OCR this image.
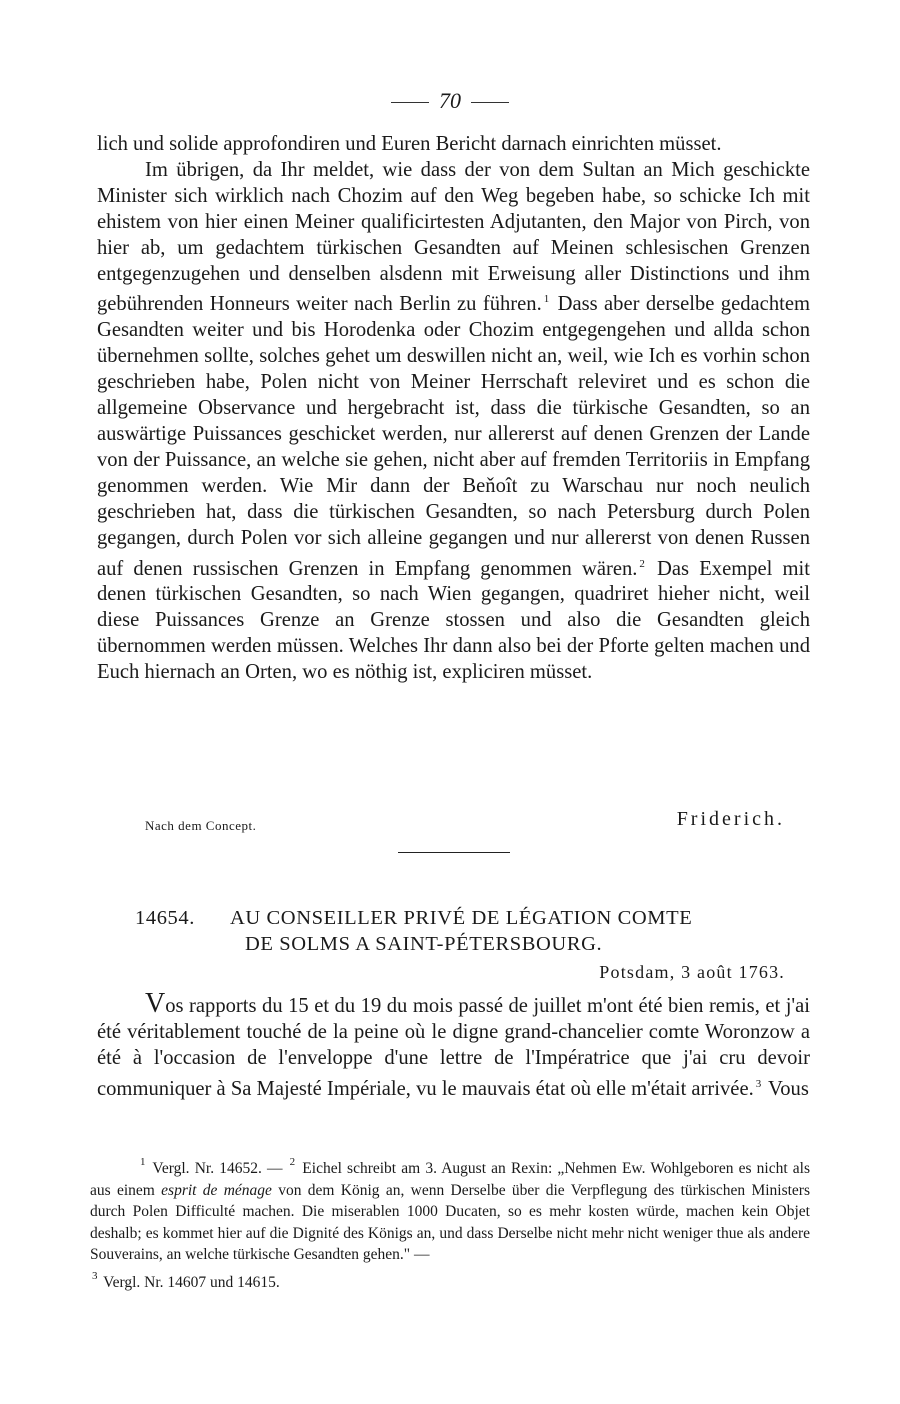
70

lich und solide approfondiren und Euren Bericht darnach einrichten müsset.

Im übrigen, da Ihr meldet, wie dass der von dem Sultan an Mich geschickte Minister sich wirklich nach Chozim auf den Weg begeben habe, so schicke Ich mit ehistem von hier einen Meiner qualificirtesten Adjutanten, den Major von Pirch, von hier ab, um gedachtem türkischen Gesandten auf Meinen schlesischen Grenzen entgegenzugehen und denselben alsdenn mit Erweisung aller Distinctions und ihm gebührenden Honneurs weiter nach Berlin zu führen. $^1$ Dass aber derselbe gedachtem Gesandten weiter und bis Horodenka oder Chozim entgegengehen und allda schon übernehmen sollte, solches gehet um deswillen nicht an, weil, wie Ich es vorhin schon geschrieben habe, Polen nicht von Meiner Herrschaft releviret und es schon die allgemeine Observance und hergebracht ist, dass die türkische Gesandten, so an auswärtige Puissances geschicket werden, nur allererst auf denen Grenzen der Lande von der Puissance, an welche sie gehen, nicht aber auf fremden Territoriis in Empfang genommen werden. Wie Mir dann der Beňoît zu Warschau nur noch neulich geschrieben hat, dass die türkischen Gesandten, so nach Petersburg durch Polen gegangen, durch Polen vor sich alleine gegangen und nur allererst von denen Russen auf denen russischen Grenzen in Empfang genommen wären. $^2$ Das Exempel mit denen türkischen Gesandten, so nach Wien gegangen, quadriret hieher nicht, weil diese Puissances Grenze an Grenze stossen und also die Gesandten gleich übernommen werden müssen. Welches Ihr dann also bei der Pforte gelten machen und Euch hiernach an Orten, wo es nöthig ist, expliciren müsset.

Nach dem Concept.	Friderich.
14654. AU CONSEILLER PRIVÉ DE LÉGATION COMTE
DE SOLMS A SAINT-PÉTERSBOURG.
Potsdam, 3 août 1763.

Vos rapports du 15 et du 19 du mois passé de juillet m'ont été bien remis, et j'ai été véritablement touché de la peine où le digne grand-chancelier comte Woronzow a été à l'occasion de l'enveloppe d'une lettre de l'Impératrice que j'ai cru devoir communiquer à Sa Majesté Impériale, vu le mauvais état où elle m'était arrivée. $^3$ Vous

$^1$ Vergl. Nr. 14652. — $^2$ Eichel schreibt am 3. August an Rexin: „Nehmen Ew. Wohlgeboren es nicht als aus einem esprit de ménage von dem König an, wenn Derselbe über die Verpflegung des türkischen Ministers durch Polen Difficulté machen. Die miserablen 1000 Ducaten, so es mehr kosten würde, machen kein Objet deshalb; es kommet hier auf die Dignité des Königs an, und dass Derselbe nicht mehr nicht weniger thue als andere Souverains, an welche türkische Gesandten gehen." —
$^3$ Vergl. Nr. 14607 und 14615.
